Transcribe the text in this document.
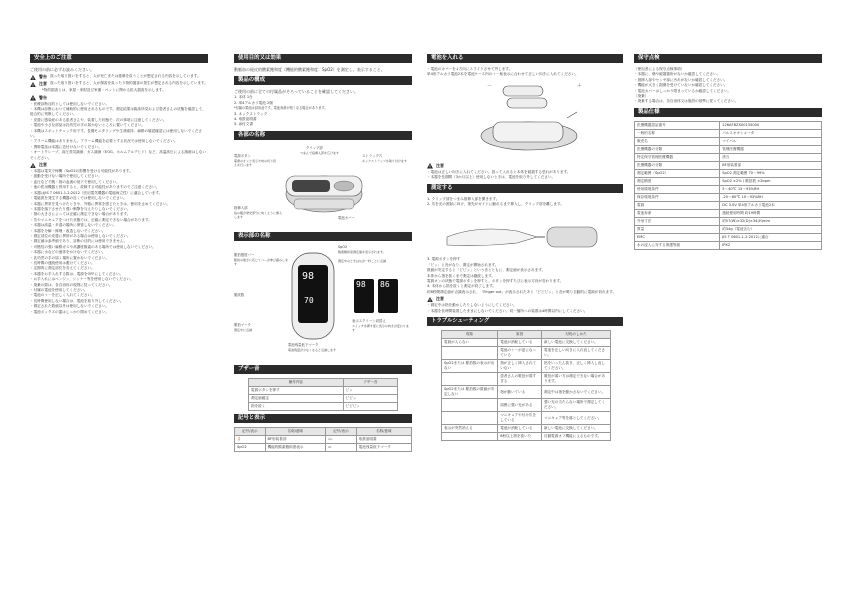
安全上のご注意
ご使用の前に必ずお読みください。
警告 誤った取り扱いをすると、人が死亡または重傷を負うことが想定される内容を示しています。
注意 誤った取り扱いをすると、人が傷害を負ったり物的損害の発生が想定される内容を示しています。
*物的損害とは、家屋・家財及び家畜・ペットに関わる拡大損害を示します。
警告
・ 医療診断目的としては使用しないでください。
・ 本機は診断において補助的に使用されるものです。測定結果は臨床所見および患者さんの状態を確認して、総合的に判断してください。
・ 皮膚に感染症のある患者さんや、装着した状態で、次の事項に注意してください。
・ 電池や小さな部品は乳幼児の手の届かないところに置いてください。
・ 本機はスポットチェック用です。長期モニタリングや生命維持、麻酔の確認確認には使用しないでください。
・ アラーム機能はありません。アラーム機能を必要とする状況では使用しないでください。
・ 携帯電話は本器に近付けないでください。
・ オートクレーブ、高圧蒸気滅菌、ガス滅菌（EOG、ホルムアルデヒド）など、高温高圧による滅菌はしないでください。
注意
・ 本器は電気で稼働（SpO2の影響を受ける可能性があります。
・ 振動を受けない場所で使用してください。
・ 血圧などで腕・指の血流の低下で使用してください。
・ 他の医用機器と併用すると、故障する可能性がありますのでご注意ください。
・ 本器はJIS T 0601-1-2:2012（医用電気機器の電磁両立性）に適合しています。
・ 電磁波を発生する機器の近くでは使用しないでください。
・ 本器に異常を見つけたときや、外箱に異常を感じたときは、使用を止めてください。
・ 本器を落下させたり強い衝撃を与えたりしないでください。
・ 指の大きさによっては正確に測定できない場合があります。
・ 爪やマニキュアをつけた状態では、正確に測定できない場合があります。
・ 本器は高温・多湿の場所に保管しないでください。
・ 本器を分解・修理・改造しないでください。
・ 測定部位の皮膚に異常がある場合は使用しないでください。
・ 測定値は参考値であり、診断の目的には使用できません。
・ 可燃性の強い麻酔ガスや高濃度酸素のある場所では使用しないでください。
・ 本器に水などの液体をかけないでください。
・ 乳幼児の手の届く場所に置かないでください。
・ 長時間の連続使用は避けてください。
・ 定期的に測定部位を変えてください。
・ 本器をお手入れする際は、電源をOFFにしてください。
・ お手入れにはベンジン、シンナー等を使用しないでください。
・ 廃棄の際は、各自治体の規則に従ってください。
・ 付属の電池を使用してください。
・ 電池の＋－を正しく入れてください。
・ 長時間使用しない場合は、電池を取り外してください。
・ 測定された数値以外は使用しないでください。
・ 電池ボックスの蓋はしっかり閉めてください。
使用目的又は効果
動脈血の経皮的酸素飽和度（機能的酸素飽和度：SpO2）を測定し、表示すること。
製品の構成
ご使用の前に全ての付属品がそろっていることを確認してください。
1. 本体 1台
2. 単4アルカリ電池 2個
*付属の電池は試用品です。電池寿命が短くなる場合があります。
3. ネックストラップ
4. 取扱説明書
5. 添付文書
各部の名称
クリップ部
つまんで指挿入部を広げます
電源ボタン
電源のオンと表示方向の切り替えを行います
ストラップ穴
ネックストラップを取り付けます
指挿入部
指の腹が発光部分に向くように挿入します	電池カバー
表示部の名称
98
70
98 86
SpO2
酸素飽和度測定値を表示されます。
測定中のときは％が一秒ごとに点滅
脈拍強度バー
脈拍の強さに応じてバーが伸び縮みします
脈波数
脈拍マーク
測定中に点滅
電池残量低下マーク
電池残量が少なくなると点滅します
表示スクリーン切替え
スイッチを押す度に表示の向きが変わります
ブザー音
操作内容	ブザー音
電源ボタンを押す	ピッ
測定値確定	ピピッ
指を抜く	ピピピッ
記号と表示
記号/表示	名称/意味	記号/表示	名称/意味
🚶	BF形装着部	📖	取扱説明書
SpO2	機能的酸素飽和度表示	▭	電池残量低下マーク
電池を入れる
・ 電池のカバーを↓方向にスライドさせて外します。
単4形アルカリ電池2本を電池ケース内の＋－極表示に合わせて正しい向きに入れてください。
－	＋
注意
・ 電池は正しい向きに入れてください。誤って入れると本体を破損する恐れがあります。
・ 本器を長期間（3か月以上）使用しないときは、電池を取り外してください。
測定する
1. クリップ部をつまみ指挿入部を開きます。
2. 爪を光の照射に向け、指先がガイドに触れるまで挿入し、クリップ部を離します。
3. 電源ボタンを押す
「ピッ」と音がなり、測定が開始されます。
数値が安定すると「ピピッ」という音とともに、測定値が表示されます。
本体から指を抜くまで測定は継続します。
電源オンの状態で電源ボタンを押すと、ボタンを押すたびに表示方向が変わります。
4. 本体から指を抜くと測定が終了します。
約8秒間測定値が点滅表示され、「Finger out」が表示されたあと「ピピピッ」と音が鳴り自動的に電源が切れます。
注意
・ 測定中は指を動かしたりしないようにしてください。
・ 本器を長時間装着したままにしないでください。同一箇所への装着は4時間以内にしてください。
トラブルシューティング
現象	原因	対処のしかた
電源が入らない	電池が消耗している	新しい電池に交換してください。
	電池の＋－が逆になっている	電池を正しい向きに入れ直してください。
SpO2または 脈拍数の表示が出ない	指が正しく挿入されていない	指をいったん抜き、正しく挿入し直してください。
	患者さんの脈拍が弱すぎる	脈拍が弱い方は測定できない場合があります。
SpO2または 脈拍数の数値が安定しない	指が動いている	測定中は指を動かさないでください。
	周囲に強い光がある	強い光の当たらない場所で測定してください。
	マニキュアや付け爪をしている	マニキュア等を落としてください。
表示が突然消える	電池が消耗している	新しい電池に交換してください。
	8秒以上指を抜いた	自動電源オフ機能によるものです。
保守点検
（使用者による保守点検事項）
・ 本器に、傷や破損箇所がないか確認してください。
・ 指挿入部やセンサ部に汚れがないか確認してください。
・ 機能が大きく損傷を受けていないか確認してください。
・ 電池カバーはしっかり閉まっているか確認してください。
（廃棄）
・ 廃棄する場合は、各自治体又は施設の基準に従ってください。
製品仕様
医療機器認証番号	226AFBZX00155000
一般的名称	パルスオキシメータ
販売名	マイパル
医療機器の分類	管理医療機器
特定保守管理医療機器	該当
医療機器の分類	BF形装着部
測定範囲（SpO2）	SpO2 測定範囲 70〜99%
測定精度	SpO2 ±2% / 脈拍数 ±2bpm
使用環境条件	5〜40℃ 15〜93%RH
保存環境条件	-25〜60℃ 10〜93%RH
電源	DC 3.0V 単4形アルカリ電池2本
電池寿命	連続使用時間 約19時間
外形寸法	約57(W)×32(D)×34(H)mm
質量	約34g（電池含む）
EMC	JIS T 0601-1-2:2012に適合
水の浸入に対する保護等級	IPX2
